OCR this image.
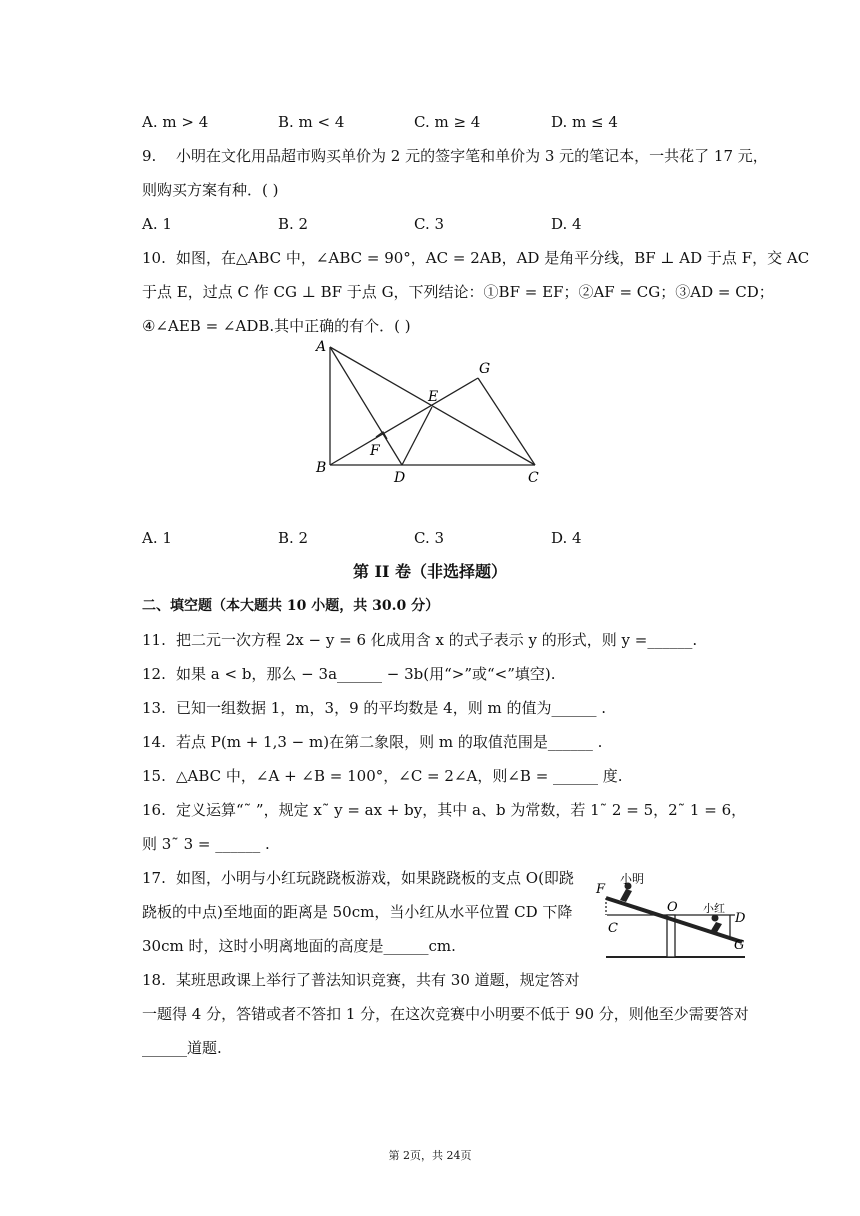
A. m > 4	B. m < 4	C. m ≥ 4	D. m ≤ 4
9. 小明在文化用品超市购买单价为 2 元的签字笔和单价为 3 元的笔记本，一共花了 17 元，
则购买方案有种．( )
A. 1	B. 2	C. 3	D. 4
10. 如图，在△ABC 中，∠ABC = 90°，AC = 2AB，AD 是角平分线，BF ⊥ AD 于点 F，交 AC
于点 E，过点 C 作 CG ⊥ BF 于点 G，下列结论：①BF = EF；②AF = CG；③AD = CD；
④∠AEB = ∠ADB.其中正确的有个．( )
A
B
C
D
E
F
G
A. 1	B. 2	C. 3	D. 4
第 II 卷（非选择题）
二、填空题（本大题共 10 小题，共 30.0 分）
11. 把二元一次方程 2x − y = 6 化成用含 x 的式子表示 y 的形式，则 y =______.
12. 如果 a < b，那么 − 3a______ − 3b(用“>”或“<”填空).
13. 已知一组数据 1，m，3，9 的平均数是 4，则 m 的值为______ .
14. 若点 P(m + 1,3 − m)在第二象限，则 m 的取值范围是______ .
15. △ABC 中，∠A + ∠B = 100°，∠C = 2∠A，则∠B = ______ 度.
16. 定义运算“˜ ”，规定 x˜ y = ax + by，其中 a、b 为常数，若 1˜ 2 = 5，2˜ 1 = 6，
则 3˜ 3 = ______ .
17. 如图，小明与小红玩跷跷板游戏，如果跷跷板的支点 O(即跷
跷板的中点)至地面的距离是 50cm，当小红从水平位置 CD 下降
30cm 时，这时小明离地面的高度是______cm.
小明
小红
F
O
C
D
G
18. 某班思政课上举行了普法知识竞赛，共有 30 道题，规定答对
一题得 4 分，答错或者不答扣 1 分，在这次竞赛中小明要不低于 90 分，则他至少需要答对
______道题.
第 2页，共 24页
